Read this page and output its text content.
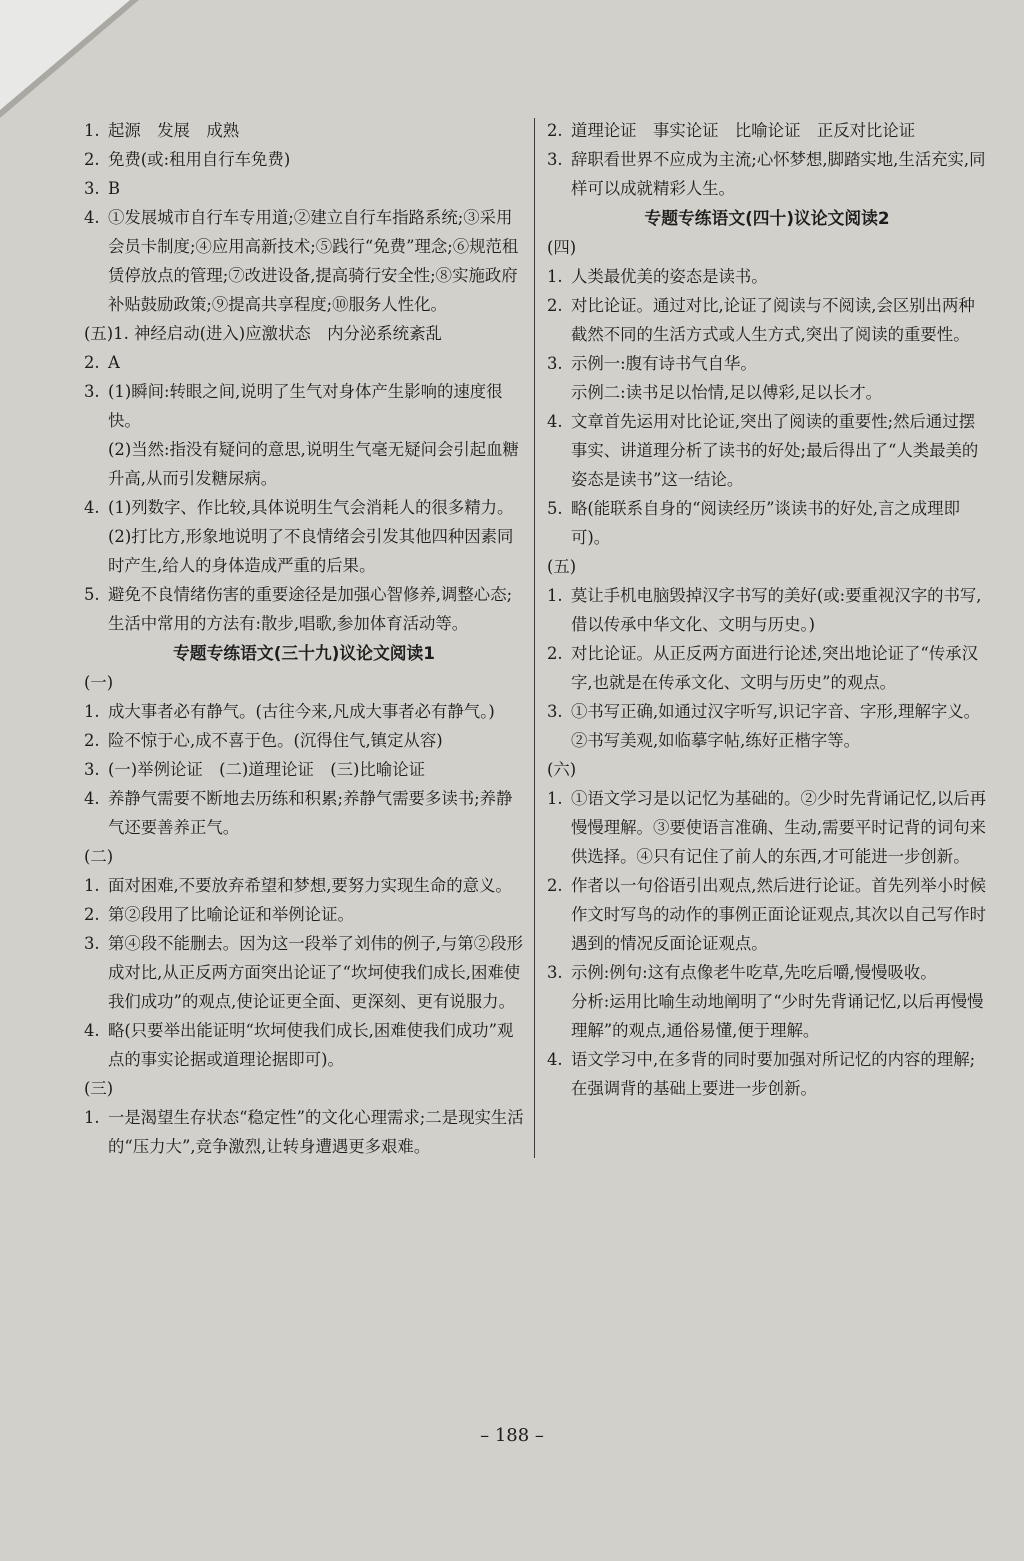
1. 起源　发展　成熟

2. 免费(或:租用自行车免费)

3. B

4. ①发展城市自行车专用道;②建立自行车指路系统;③采用会员卡制度;④应用高新技术;⑤践行“免费”理念;⑥规范租赁停放点的管理;⑦改进设备,提高骑行安全性;⑧实施政府补贴鼓励政策;⑨提高共享程度;⑩服务人性化。

(五)1. 神经启动(进入)应激状态　内分泌系统紊乱

2. A

3. (1)瞬间:转眼之间,说明了生气对身体产生影响的速度很快。

(2)当然:指没有疑问的意思,说明生气毫无疑问会引起血糖升高,从而引发糖尿病。

4. (1)列数字、作比较,具体说明生气会消耗人的很多精力。

(2)打比方,形象地说明了不良情绪会引发其他四种因素同时产生,给人的身体造成严重的后果。

5. 避免不良情绪伤害的重要途径是加强心智修养,调整心态;生活中常用的方法有:散步,唱歌,参加体育活动等。

专题专练语文(三十九)议论文阅读1

(一)

1. 成大事者必有静气。(古往今来,凡成大事者必有静气。)

2. 险不惊于心,成不喜于色。(沉得住气,镇定从容)

3. (一)举例论证　(二)道理论证　(三)比喻论证

4. 养静气需要不断地去历练和积累;养静气需要多读书;养静气还要善养正气。

(二)

1. 面对困难,不要放弃希望和梦想,要努力实现生命的意义。

2. 第②段用了比喻论证和举例论证。

3. 第④段不能删去。因为这一段举了刘伟的例子,与第②段形成对比,从正反两方面突出论证了“坎坷使我们成长,困难使我们成功”的观点,使论证更全面、更深刻、更有说服力。

4. 略(只要举出能证明“坎坷使我们成长,困难使我们成功”观点的事实论据或道理论据即可)。

(三)

1. 一是渴望生存状态“稳定性”的文化心理需求;二是现实生活的“压力大”,竞争激烈,让转身遭遇更多艰难。

2. 道理论证　事实论证　比喻论证　正反对比论证

3. 辞职看世界不应成为主流;心怀梦想,脚踏实地,生活充实,同样可以成就精彩人生。

专题专练语文(四十)议论文阅读2

(四)

1. 人类最优美的姿态是读书。

2. 对比论证。通过对比,论证了阅读与不阅读,会区别出两种截然不同的生活方式或人生方式,突出了阅读的重要性。

3. 示例一:腹有诗书气自华。

示例二:读书足以怡情,足以傅彩,足以长才。

4. 文章首先运用对比论证,突出了阅读的重要性;然后通过摆事实、讲道理分析了读书的好处;最后得出了“人类最美的姿态是读书”这一结论。

5. 略(能联系自身的“阅读经历”谈读书的好处,言之成理即可)。

(五)

1. 莫让手机电脑毁掉汉字书写的美好(或:要重视汉字的书写,借以传承中华文化、文明与历史。)

2. 对比论证。从正反两方面进行论述,突出地论证了“传承汉字,也就是在传承文化、文明与历史”的观点。

3. ①书写正确,如通过汉字听写,识记字音、字形,理解字义。

②书写美观,如临摹字帖,练好正楷字等。

(六)

1. ①语文学习是以记忆为基础的。②少时先背诵记忆,以后再慢慢理解。③要使语言准确、生动,需要平时记背的词句来供选择。④只有记住了前人的东西,才可能进一步创新。

2. 作者以一句俗语引出观点,然后进行论证。首先列举小时候作文时写鸟的动作的事例正面论证观点,其次以自己写作时遇到的情况反面论证观点。

3. 示例:例句:这有点像老牛吃草,先吃后嚼,慢慢吸收。

分析:运用比喻生动地阐明了“少时先背诵记忆,以后再慢慢理解”的观点,通俗易懂,便于理解。

4. 语文学习中,在多背的同时要加强对所记忆的内容的理解;在强调背的基础上要进一步创新。

– 188 –
